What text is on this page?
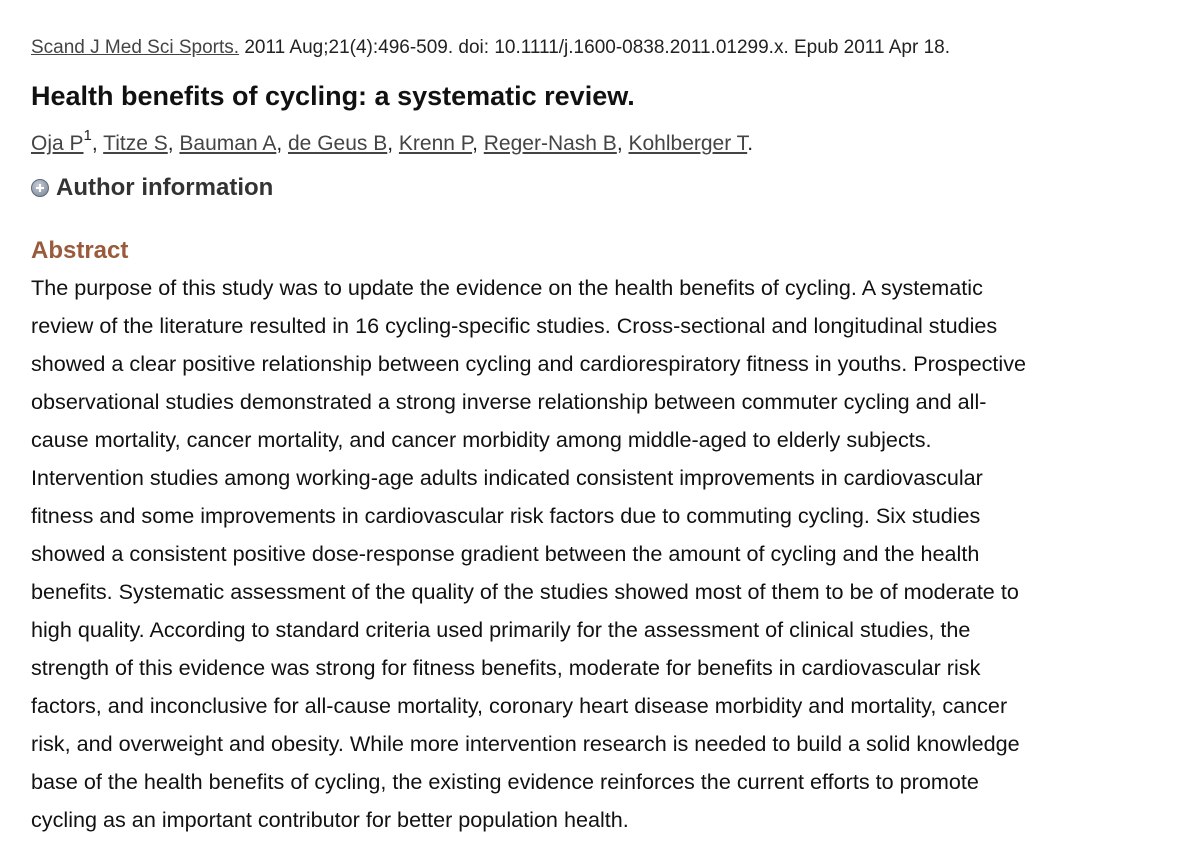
Scand J Med Sci Sports. 2011 Aug;21(4):496-509. doi: 10.1111/j.1600-0838.2011.01299.x. Epub 2011 Apr 18.
Health benefits of cycling: a systematic review.
Oja $P^1$, Titze S, Bauman A, de Geus B, Krenn P, Reger-Nash B, Kohlberger T.
Author information
Abstract

The purpose of this study was to update the evidence on the health benefits of cycling. A systematic
review of the literature resulted in 16 cycling-specific studies. Cross-sectional and longitudinal studies
showed a clear positive relationship between cycling and cardiorespiratory fitness in youths. Prospective
observational studies demonstrated a strong inverse relationship between commuter cycling and all-
cause mortality, cancer mortality, and cancer morbidity among middle-aged to elderly subjects.
Intervention studies among working-age adults indicated consistent improvements in cardiovascular
fitness and some improvements in cardiovascular risk factors due to commuting cycling. Six studies
showed a consistent positive dose-response gradient between the amount of cycling and the health
benefits. Systematic assessment of the quality of the studies showed most of them to be of moderate to
high quality. According to standard criteria used primarily for the assessment of clinical studies, the
strength of this evidence was strong for fitness benefits, moderate for benefits in cardiovascular risk
factors, and inconclusive for all-cause mortality, coronary heart disease morbidity and mortality, cancer
risk, and overweight and obesity. While more intervention research is needed to build a solid knowledge
base of the health benefits of cycling, the existing evidence reinforces the current efforts to promote
cycling as an important contributor for better population health.
